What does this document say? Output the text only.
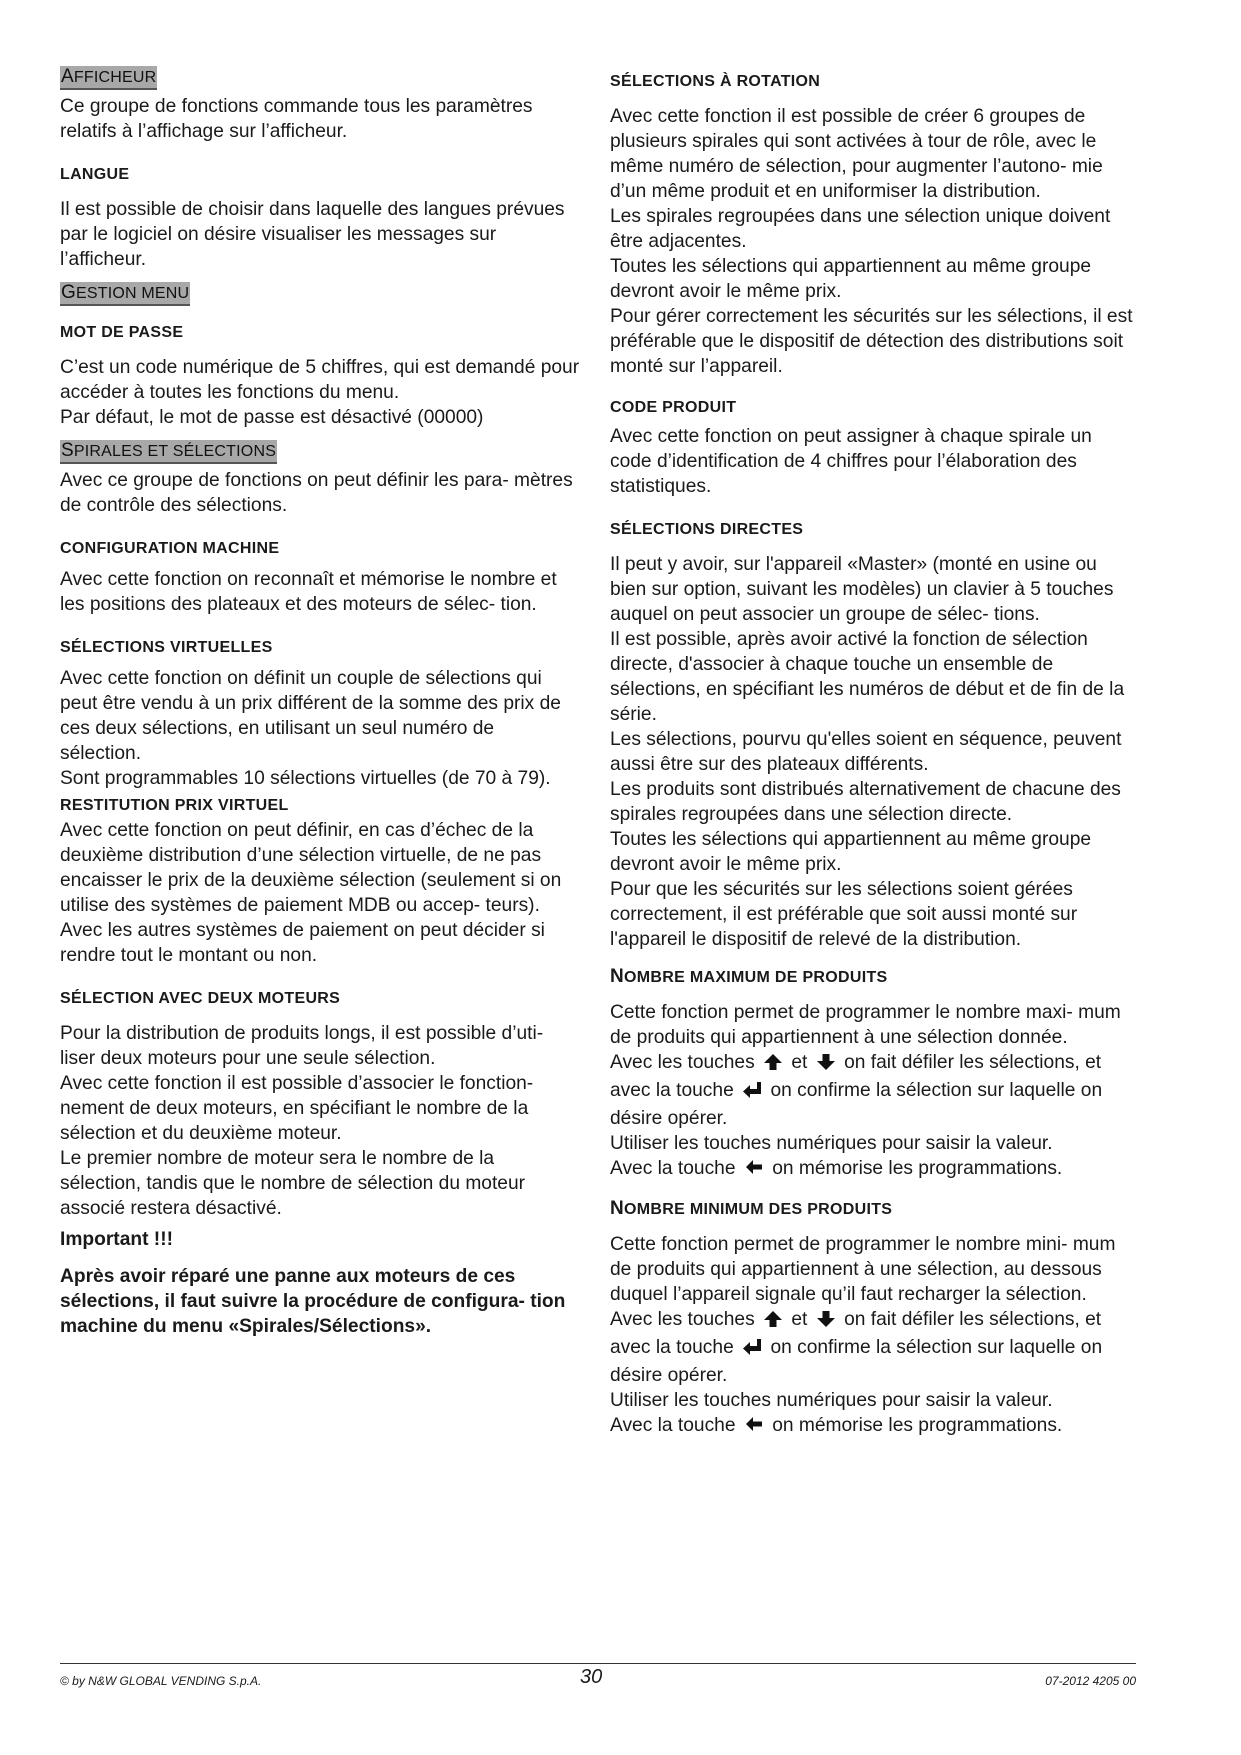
AFFICHEUR

Ce groupe de fonctions commande tous les paramètres relatifs à l’affichage sur l’afficheur.

LANGUE

Il est possible de choisir dans laquelle des langues prévues par le logiciel on désire visualiser les messages sur l’afficheur.

GESTION MENU
MOT DE PASSE

C’est un code numérique de 5 chiffres, qui est demandé pour accéder à toutes les fonctions du menu.

Par défaut, le mot de passe est désactivé (00000)

SPIRALES ET SÉLECTIONS

Avec ce groupe de fonctions on peut définir les para- mètres de contrôle des sélections.

CONFIGURATION MACHINE

Avec cette fonction on reconnaît et mémorise le nombre et les positions des plateaux et des moteurs de sélec- tion.

SÉLECTIONS VIRTUELLES

Avec cette fonction on définit un couple de sélections qui peut être vendu à un prix différent de la somme des prix de ces deux sélections, en utilisant un seul numéro de sélection.

Sont programmables 10 sélections virtuelles (de 70 à 79).

RESTITUTION PRIX VIRTUEL

Avec cette fonction on peut définir, en cas d’échec de la deuxième distribution d’une sélection virtuelle, de ne pas encaisser le prix de la deuxième sélection (seulement si on utilise des systèmes de paiement MDB ou accep- teurs).

Avec les autres systèmes de paiement on peut décider si rendre tout le montant ou non.

SÉLECTION AVEC DEUX MOTEURS

Pour la distribution de produits longs, il est possible d’uti- liser deux moteurs pour une seule sélection.

Avec cette fonction il est possible d’associer le fonction- nement de deux moteurs, en spécifiant le nombre de la sélection et du deuxième moteur.

Le premier nombre de moteur sera le nombre de la sélection, tandis que le nombre de sélection du moteur associé restera désactivé.

Important !!!

Après avoir réparé une panne aux moteurs de ces sélections, il faut suivre la procédure de configura- tion machine du menu «Spirales/Sélections».

SÉLECTIONS À ROTATION

Avec cette fonction il est possible de créer 6 groupes de plusieurs spirales qui sont activées à tour de rôle, avec le même numéro de sélection, pour augmenter l’autono- mie d’un même produit et en uniformiser la distribution.

Les spirales regroupées dans une sélection unique doivent être adjacentes.

Toutes les sélections qui appartiennent au même groupe devront avoir le même prix.

Pour gérer correctement les sécurités sur les sélections, il est préférable que le dispositif de détection des distributions soit monté sur l’appareil.

CODE PRODUIT

Avec cette fonction on peut assigner à chaque spirale un code d’identification de 4 chiffres pour l’élaboration des statistiques.

SÉLECTIONS DIRECTES

Il peut y avoir, sur l'appareil «Master» (monté en usine ou bien sur option, suivant les modèles) un clavier à 5 touches auquel on peut associer un groupe de sélec- tions.

Il est possible, après avoir activé la fonction de sélection directe, d'associer à chaque touche un ensemble de sélections, en spécifiant les numéros de début et de fin de la série.

Les sélections, pourvu qu'elles soient en séquence, peuvent aussi être sur des plateaux différents.

Les produits sont distribués alternativement de chacune des spirales regroupées dans une sélection directe.

Toutes les sélections qui appartiennent au même groupe devront avoir le même prix.

Pour que les sécurités sur les sélections soient gérées correctement, il est préférable que soit aussi monté sur l'appareil le dispositif de relevé de la distribution.

NOMBRE MAXIMUM DE PRODUITS

Cette fonction permet de programmer le nombre maxi- mum de produits qui appartiennent à une sélection donnée.

Avec les touches et on fait défiler les sélections, et

avec la touche on confirme la sélection sur laquelle on désire opérer.

Utiliser les touches numériques pour saisir la valeur.

Avec la touche on mémorise les programmations.

NOMBRE MINIMUM DES PRODUITS

Cette fonction permet de programmer le nombre mini- mum de produits qui appartiennent à une sélection, au dessous duquel l’appareil signale qu’il faut recharger la sélection.

Avec les touches et on fait défiler les sélections, et

avec la touche on confirme la sélection sur laquelle on désire opérer.

Utiliser les touches numériques pour saisir la valeur.

Avec la touche on mémorise les programmations.

© by N&W GLOBAL VENDING S.p.A.	30	07-2012 4205 00
